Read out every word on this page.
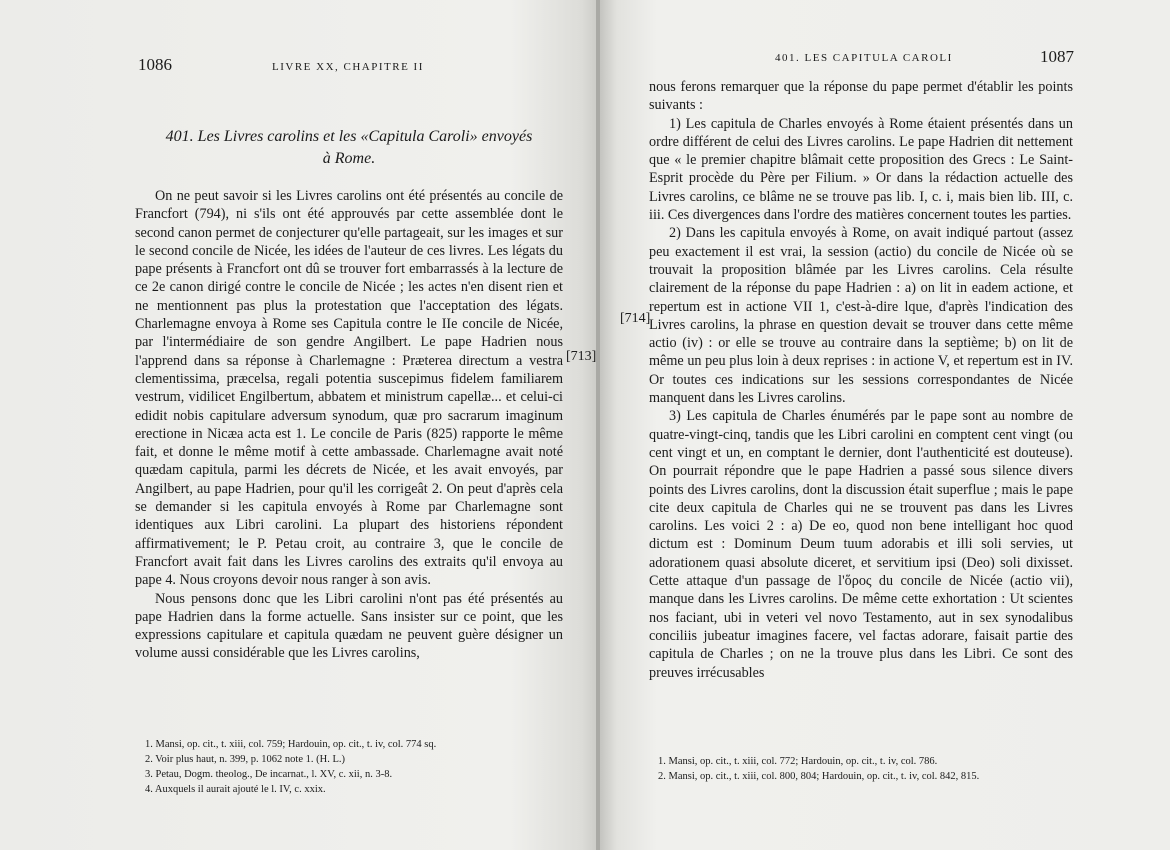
1086	LIVRE XX, CHAPITRE II
401. Les Livres carolins et les «Capitula Caroli» envoyés
à Rome.

On ne peut savoir si les Livres carolins ont été présentés au concile de Francfort (794), ni s'ils ont été approuvés par cette assemblée dont le second canon permet de conjecturer qu'elle partageait, sur les images et sur le second concile de Nicée, les idées de l'auteur de ces livres. Les légats du pape présents à Francfort ont dû se trouver fort embarrassés à la lecture de ce 2e canon dirigé contre le concile de Nicée ; les actes n'en disent rien et ne mentionnent pas plus la protestation que l'acceptation des légats. Charlemagne envoya à Rome ses Capitula contre le IIe concile de Nicée, par l'intermédiaire de son gendre Angilbert. Le pape Hadrien nous l'apprend dans sa réponse à Charlemagne : Præterea directum a vestra clementissima, præcelsa, regali potentia suscepimus fidelem familiarem vestrum, vidilicet Engilbertum, abbatem et ministrum capellæ... et celui-ci edidit nobis capitulare adversum synodum, quæ pro sacrarum imaginum erectione in Nicæa acta est 1. Le concile de Paris (825) rapporte le même fait, et donne le même motif à cette ambassade. Charlemagne avait noté quædam capitula, parmi les décrets de Nicée, et les avait envoyés, par Angilbert, au pape Hadrien, pour qu'il les corrigeât 2. On peut d'après cela se demander si les capitula envoyés à Rome par Charlemagne sont identiques aux Libri carolini. La plupart des historiens répondent affirmativement; le P. Petau croit, au contraire 3, que le concile de Francfort avait fait dans les Livres carolins des extraits qu'il envoya au pape 4. Nous croyons devoir nous ranger à son avis.

Nous pensons donc que les Libri carolini n'ont pas été présentés au pape Hadrien dans la forme actuelle. Sans insister sur ce point, que les expressions capitulare et capitula quædam ne peuvent guère désigner un volume aussi considérable que les Livres carolins,

[713]
1. Mansi, op. cit., t. xiii, col. 759; Hardouin, op. cit., t. iv, col. 774 sq.
2. Voir plus haut, n. 399, p. 1062 note 1. (H. L.)
3. Petau, Dogm. theolog., De incarnat., l. XV, c. xii, n. 3-8.
4. Auxquels il aurait ajouté le l. IV, c. xxix.
401. LES CAPITULA CAROLI	1087
[714]

nous ferons remarquer que la réponse du pape permet d'établir les points suivants :

1) Les capitula de Charles envoyés à Rome étaient présentés dans un ordre différent de celui des Livres carolins. Le pape Hadrien dit nettement que « le premier chapitre blâmait cette proposition des Grecs : Le Saint-Esprit procède du Père per Filium. » Or dans la rédaction actuelle des Livres carolins, ce blâme ne se trouve pas lib. I, c. i, mais bien lib. III, c. iii. Ces divergences dans l'ordre des matières concernent toutes les parties.

2) Dans les capitula envoyés à Rome, on avait indiqué partout (assez peu exactement il est vrai, la session (actio) du concile de Nicée où se trouvait la proposition blâmée par les Livres carolins. Cela résulte clairement de la réponse du pape Hadrien : a) on lit in eadem actione, et repertum est in actione VII 1, c'est-à-dire lque, d'après l'indication des Livres carolins, la phrase en question devait se trouver dans cette même actio (iv) : or elle se trouve au contraire dans la septième; b) on lit de même un peu plus loin à deux reprises : in actione V, et repertum est in IV. Or toutes ces indications sur les sessions correspondantes de Nicée manquent dans les Livres carolins.

3) Les capitula de Charles énumérés par le pape sont au nombre de quatre-vingt-cinq, tandis que les Libri carolini en comptent cent vingt (ou cent vingt et un, en comptant le dernier, dont l'authenticité est douteuse). On pourrait répondre que le pape Hadrien a passé sous silence divers points des Livres carolins, dont la discussion était superflue ; mais le pape cite deux capitula de Charles qui ne se trouvent pas dans les Livres carolins. Les voici 2 : a) De eo, quod non bene intelligant hoc quod dictum est : Dominum Deum tuum adorabis et illi soli servies, ut adorationem quasi absolute diceret, et servitium ipsi (Deo) soli dixisset. Cette attaque d'un passage de l'ὅρος du concile de Nicée (actio vii), manque dans les Livres carolins. De même cette exhortation : Ut scientes nos faciant, ubi in veteri vel novo Testamento, aut in sex synodalibus conciliis jubeatur imagines facere, vel factas adorare, faisait partie des capitula de Charles ; on ne la trouve plus dans les Libri. Ce sont des preuves irrécusables

1. Mansi, op. cit., t. xiii, col. 772; Hardouin, op. cit., t. iv, col. 786.
2. Mansi, op. cit., t. xiii, col. 800, 804; Hardouin, op. cit., t. iv, col. 842, 815.
